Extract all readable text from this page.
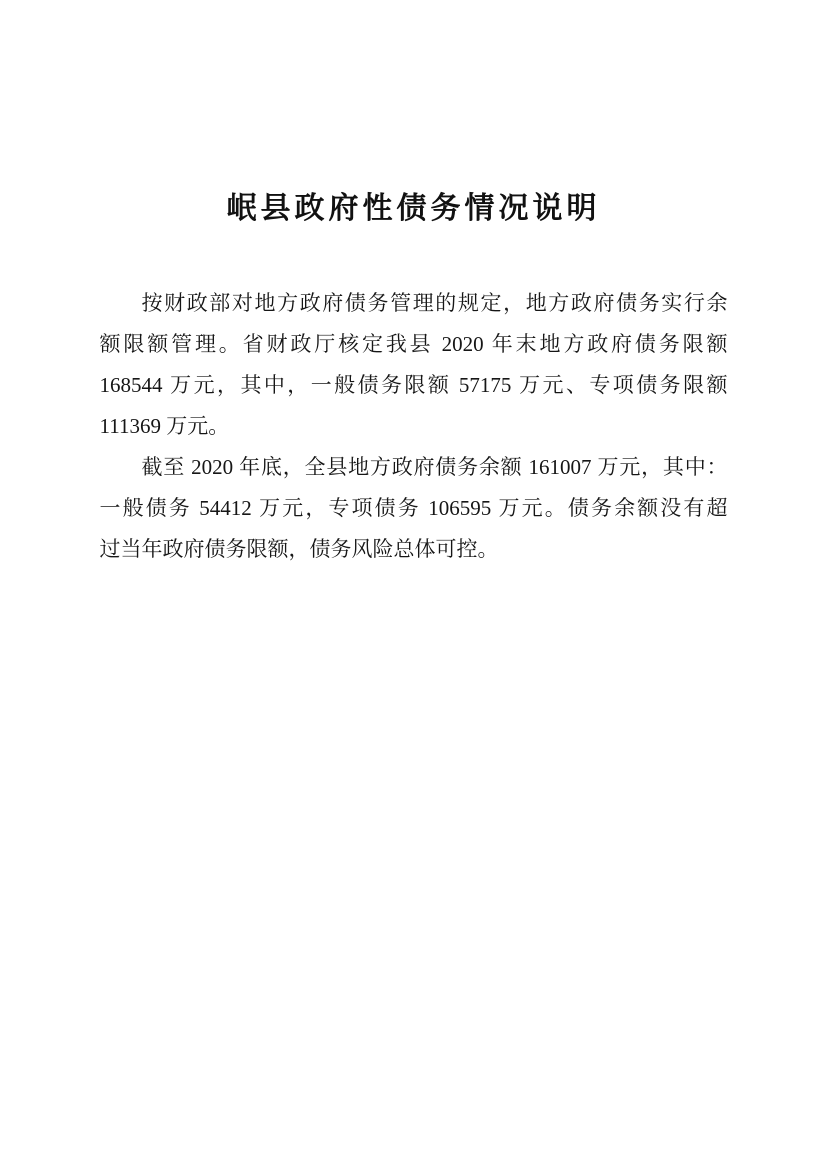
岷县政府性债务情况说明

按财政部对地方政府债务管理的规定，地方政府债务实行余

额限额管理。省财政厅核定我县 2020 年末地方政府债务限额

168544 万元，其中，一般债务限额 57175 万元、专项债务限额

111369 万元。

截至 2020 年底，全县地方政府债务余额 161007 万元，其中：

一般债务 54412 万元，专项债务 106595 万元。债务余额没有超

过当年政府债务限额，债务风险总体可控。
